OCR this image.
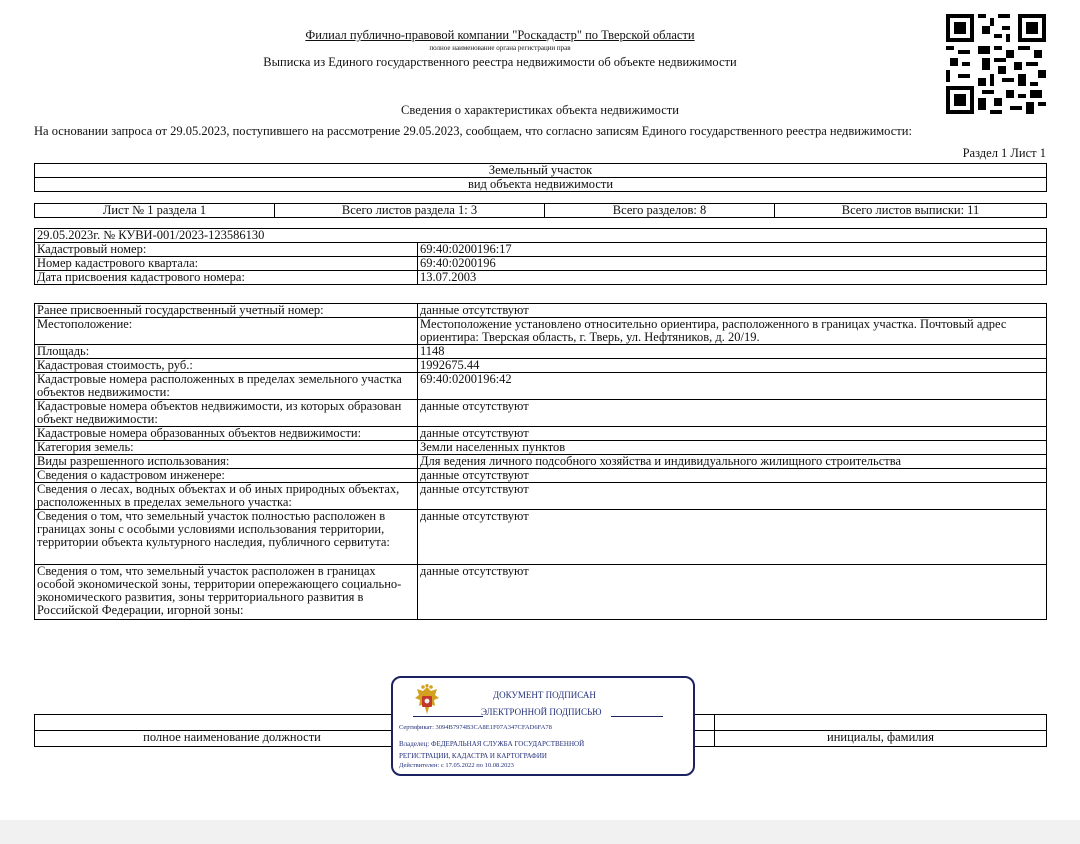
Филиал публично-правовой компании "Роскадастр" по Тверской области
полное наименование органа регистрации прав
Выписка из Единого государственного реестра недвижимости об объекте недвижимости
Сведения о характеристиках объекта недвижимости
На основании запроса от 29.05.2023, поступившего на рассмотрение 29.05.2023, сообщаем, что согласно записям Единого государственного реестра недвижимости:
Раздел 1 Лист 1
Земельный участок
вид объекта недвижимости
Лист № 1 раздела 1	Всего листов раздела 1: 3	Всего разделов: 8	Всего листов выписки: 11
29.05.2023г. № КУВИ-001/2023-123586130	
Кадастровый номер:	69:40:0200196:17
Номер кадастрового квартала:	69:40:0200196
Дата присвоения кадастрового номера:	13.07.2003
Ранее присвоенный государственный учетный номер:	данные отсутствуют
Местоположение:	Местоположение установлено относительно ориентира, расположенного в границах участка. Почтовый адрес ориентира: Тверская область, г. Тверь, ул. Нефтяников, д. 20/19.
Площадь:	1148
Кадастровая стоимость, руб.:	1992675.44
Кадастровые номера расположенных в пределах земельного участка объектов недвижимости:	69:40:0200196:42
Кадастровые номера объектов недвижимости, из которых образован объект недвижимости:	данные отсутствуют
Кадастровые номера образованных объектов недвижимости:	данные отсутствуют
Категория земель:	Земли населенных пунктов
Виды разрешенного использования:	Для ведения личного подсобного хозяйства и индивидуального жилищного строительства
Сведения о кадастровом инженере:	данные отсутствуют
Сведения о лесах, водных объектах и об иных природных объектах, расположенных в пределах земельного участка:	данные отсутствуют
Сведения о том, что земельный участок полностью расположен в границах зоны с особыми условиями использования территории, территории объекта культурного наследия, публичного сервитута:	данные отсутствуют
Сведения о том, что земельный участок расположен в границах особой экономической зоны, территории опережающего социально-экономического развития, зоны территориального развития в Российской Федерации, игорной зоны:	данные отсутствуют

полное наименование должности		инициалы, фамилия
ДОКУМЕНТ ПОДПИСАН
ЭЛЕКТРОННОЙ ПОДПИСЬЮ
Сертификат: 3094B7974B3CA8E1F07A347CFAD6FA78
Владелец: ФЕДЕРАЛЬНАЯ СЛУЖБА ГОСУДАРСТВЕННОЙ
РЕГИСТРАЦИИ, КАДАСТРА И КАРТОГРАФИИ
Действителен: с 17.05.2022 по 10.08.2023
